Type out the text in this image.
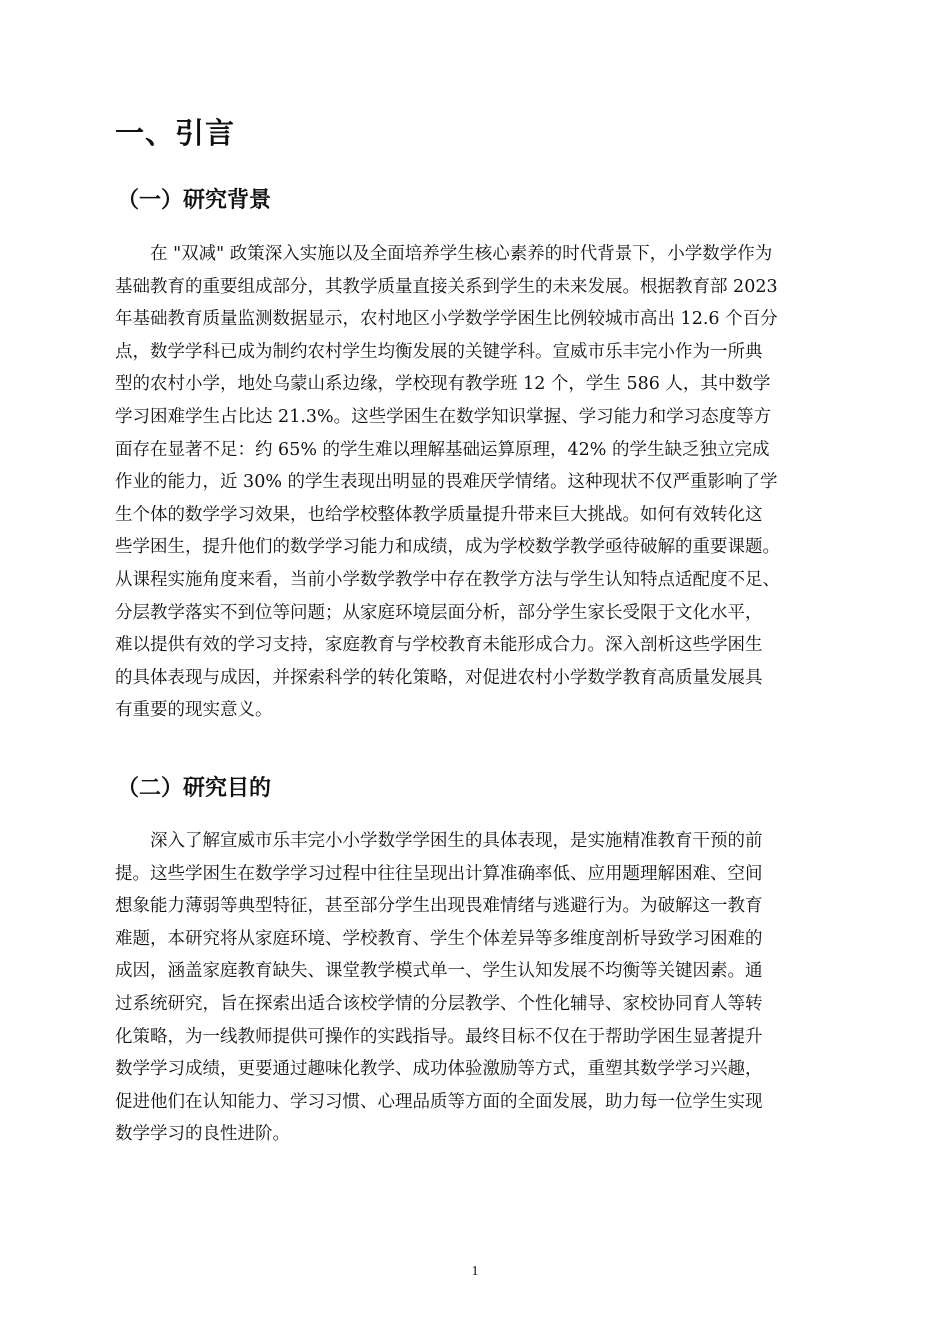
一、引言
（一）研究背景

　　在 "双减" 政策深入实施以及全面培养学生核心素养的时代背景下，小学数学作为
基础教育的重要组成部分，其教学质量直接关系到学生的未来发展。根据教育部 2023
年基础教育质量监测数据显示，农村地区小学数学学困生比例较城市高出 12.6 个百分
点，数学学科已成为制约农村学生均衡发展的关键学科。宣威市乐丰完小作为一所典
型的农村小学，地处乌蒙山系边缘，学校现有教学班 12 个，学生 586 人，其中数学
学习困难学生占比达 21.3%。这些学困生在数学知识掌握、学习能力和学习态度等方
面存在显著不足：约 65% 的学生难以理解基础运算原理，42% 的学生缺乏独立完成
作业的能力，近 30% 的学生表现出明显的畏难厌学情绪。这种现状不仅严重影响了学
生个体的数学学习效果，也给学校整体教学质量提升带来巨大挑战。如何有效转化这
些学困生，提升他们的数学学习能力和成绩，成为学校数学教学亟待破解的重要课题。
从课程实施角度来看，当前小学数学教学中存在教学方法与学生认知特点适配度不足、
分层教学落实不到位等问题；从家庭环境层面分析，部分学生家长受限于文化水平，
难以提供有效的学习支持，家庭教育与学校教育未能形成合力。深入剖析这些学困生
的具体表现与成因，并探索科学的转化策略，对促进农村小学数学教育高质量发展具
有重要的现实意义。

（二）研究目的

　　深入了解宣威市乐丰完小小学数学学困生的具体表现，是实施精准教育干预的前
提。这些学困生在数学学习过程中往往呈现出计算准确率低、应用题理解困难、空间
想象能力薄弱等典型特征，甚至部分学生出现畏难情绪与逃避行为。为破解这一教育
难题，本研究将从家庭环境、学校教育、学生个体差异等多维度剖析导致学习困难的
成因，涵盖家庭教育缺失、课堂教学模式单一、学生认知发展不均衡等关键因素。通
过系统研究，旨在探索出适合该校学情的分层教学、个性化辅导、家校协同育人等转
化策略，为一线教师提供可操作的实践指导。最终目标不仅在于帮助学困生显著提升
数学学习成绩，更要通过趣味化教学、成功体验激励等方式，重塑其数学学习兴趣，
促进他们在认知能力、学习习惯、心理品质等方面的全面发展，助力每一位学生实现
数学学习的良性进阶。

1
